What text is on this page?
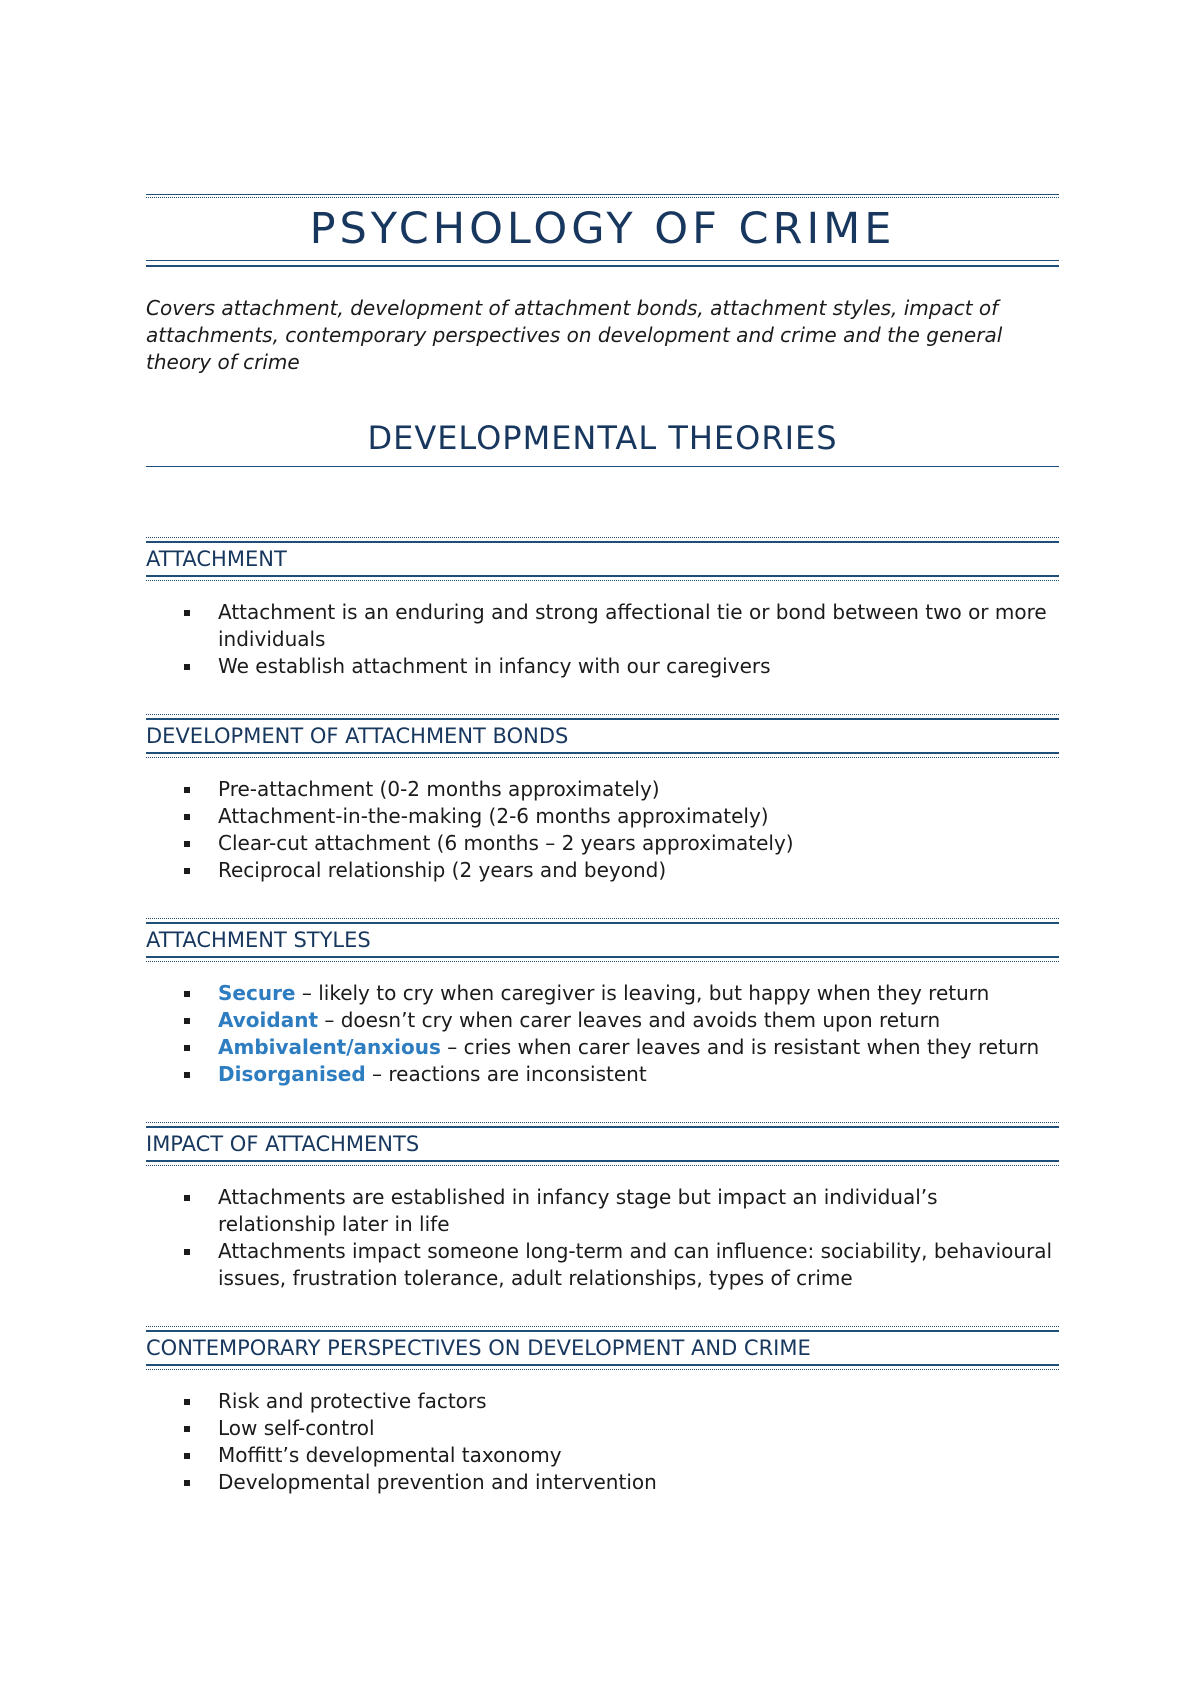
PSYCHOLOGY OF CRIME
Covers attachment, development of attachment bonds, attachment styles, impact of attachments, contemporary perspectives on development and crime and the general theory of crime
DEVELOPMENTAL THEORIES
ATTACHMENT
Attachment is an enduring and strong affectional tie or bond between two or more individuals
We establish attachment in infancy with our caregivers
DEVELOPMENT OF ATTACHMENT BONDS
Pre-attachment (0-2 months approximately)
Attachment-in-the-making (2-6 months approximately)
Clear-cut attachment (6 months – 2 years approximately)
Reciprocal relationship (2 years and beyond)
ATTACHMENT STYLES
Secure – likely to cry when caregiver is leaving, but happy when they return
Avoidant – doesn’t cry when carer leaves and avoids them upon return
Ambivalent/anxious – cries when carer leaves and is resistant when they return
Disorganised – reactions are inconsistent
IMPACT OF ATTACHMENTS
Attachments are established in infancy stage but impact an individual’s relationship later in life
Attachments impact someone long-term and can influence: sociability, behavioural issues, frustration tolerance, adult relationships, types of crime
CONTEMPORARY PERSPECTIVES ON DEVELOPMENT AND CRIME
Risk and protective factors
Low self-control
Moffitt’s developmental taxonomy
Developmental prevention and intervention
